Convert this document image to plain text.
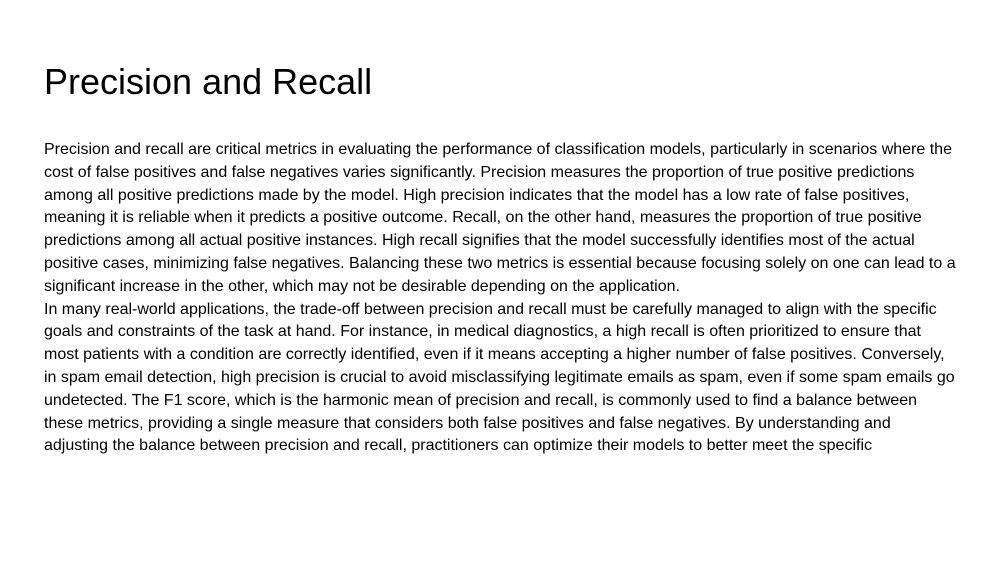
Precision and Recall

Precision and recall are critical metrics in evaluating the performance of classification models, particularly in scenarios where the cost of false positives and false negatives varies significantly. Precision measures the proportion of true positive predictions among all positive predictions made by the model. High precision indicates that the model has a low rate of false positives, meaning it is reliable when it predicts a positive outcome. Recall, on the other hand, measures the proportion of true positive predictions among all actual positive instances. High recall signifies that the model successfully identifies most of the actual positive cases, minimizing false negatives. Balancing these two metrics is essential because focusing solely on one can lead to a significant increase in the other, which may not be desirable depending on the application.

In many real-world applications, the trade-off between precision and recall must be carefully managed to align with the specific goals and constraints of the task at hand. For instance, in medical diagnostics, a high recall is often prioritized to ensure that most patients with a condition are correctly identified, even if it means accepting a higher number of false positives. Conversely, in spam email detection, high precision is crucial to avoid misclassifying legitimate emails as spam, even if some spam emails go undetected. The F1 score, which is the harmonic mean of precision and recall, is commonly used to find a balance between these metrics, providing a single measure that considers both false positives and false negatives. By understanding and adjusting the balance between precision and recall, practitioners can optimize their models to better meet the specific
